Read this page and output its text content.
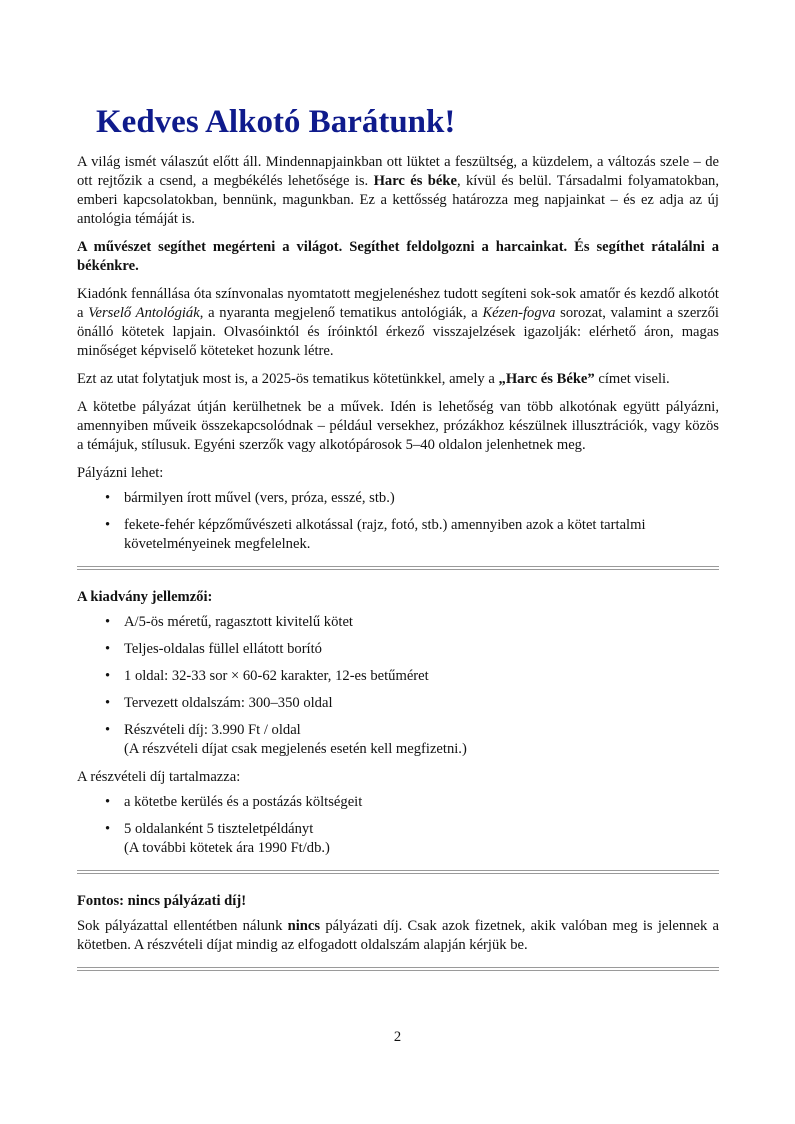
Kedves Alkotó Barátunk!

A világ ismét válaszút előtt áll. Mindennapjainkban ott lüktet a feszültség, a küzdelem, a változás szele – de ott rejtőzik a csend, a megbékélés lehetősége is. Harc és béke, kívül és belül. Társadalmi folyamatokban, emberi kapcsolatokban, bennünk, magunkban. Ez a kettősség határozza meg napjainkat – és ez adja az új antológia témáját is.

A művészet segíthet megérteni a világot. Segíthet feldolgozni a harcainkat. És segíthet rátalálni a békénkre.

Kiadónk fennállása óta színvonalas nyomtatott megjelenéshez tudott segíteni sok-sok amatőr és kezdő alkotót a Verselő Antológiák, a nyaranta megjelenő tematikus antológiák, a Kézen-fogva sorozat, valamint a szerzői önálló kötetek lapjain. Olvasóinktól és íróinktól érkező visszajelzések igazolják: elérhető áron, magas minőséget képviselő köteteket hozunk létre.

Ezt az utat folytatjuk most is, a 2025-ös tematikus kötetünkkel, amely a „Harc és Béke” címet viseli.

A kötetbe pályázat útján kerülhetnek be a művek. Idén is lehetőség van több alkotónak együtt pályázni, amennyiben műveik összekapcsolódnak – például versekhez, prózákhoz készülnek illusztrációk, vagy közös a témájuk, stílusuk. Egyéni szerzők vagy alkotópárosok 5–40 oldalon jelenhetnek meg.

Pályázni lehet:

• bármilyen írott művel (vers, próza, esszé, stb.)
• fekete-fehér képzőművészeti alkotással (rajz, fotó, stb.) amennyiben azok a kötet tartalmi követelményeinek megfelelnek.

A kiadvány jellemzői:

• A/5-ös méretű, ragasztott kivitelű kötet
• Teljes-oldalas füllel ellátott borító
• 1 oldal: 32-33 sor × 60-62 karakter, 12-es betűméret
• Tervezett oldalszám: 300–350 oldal
• Részvételi díj: 3.990 Ft / oldal
(A részvételi díjat csak megjelenés esetén kell megfizetni.)

A részvételi díj tartalmazza:

• a kötetbe kerülés és a postázás költségeit
• 5 oldalanként 5 tiszteletpéldányt
(A további kötetek ára 1990 Ft/db.)

Fontos: nincs pályázati díj!

Sok pályázattal ellentétben nálunk nincs pályázati díj. Csak azok fizetnek, akik valóban meg is jelennek a kötetben. A részvételi díjat mindig az elfogadott oldalszám alapján kérjük be.

2
